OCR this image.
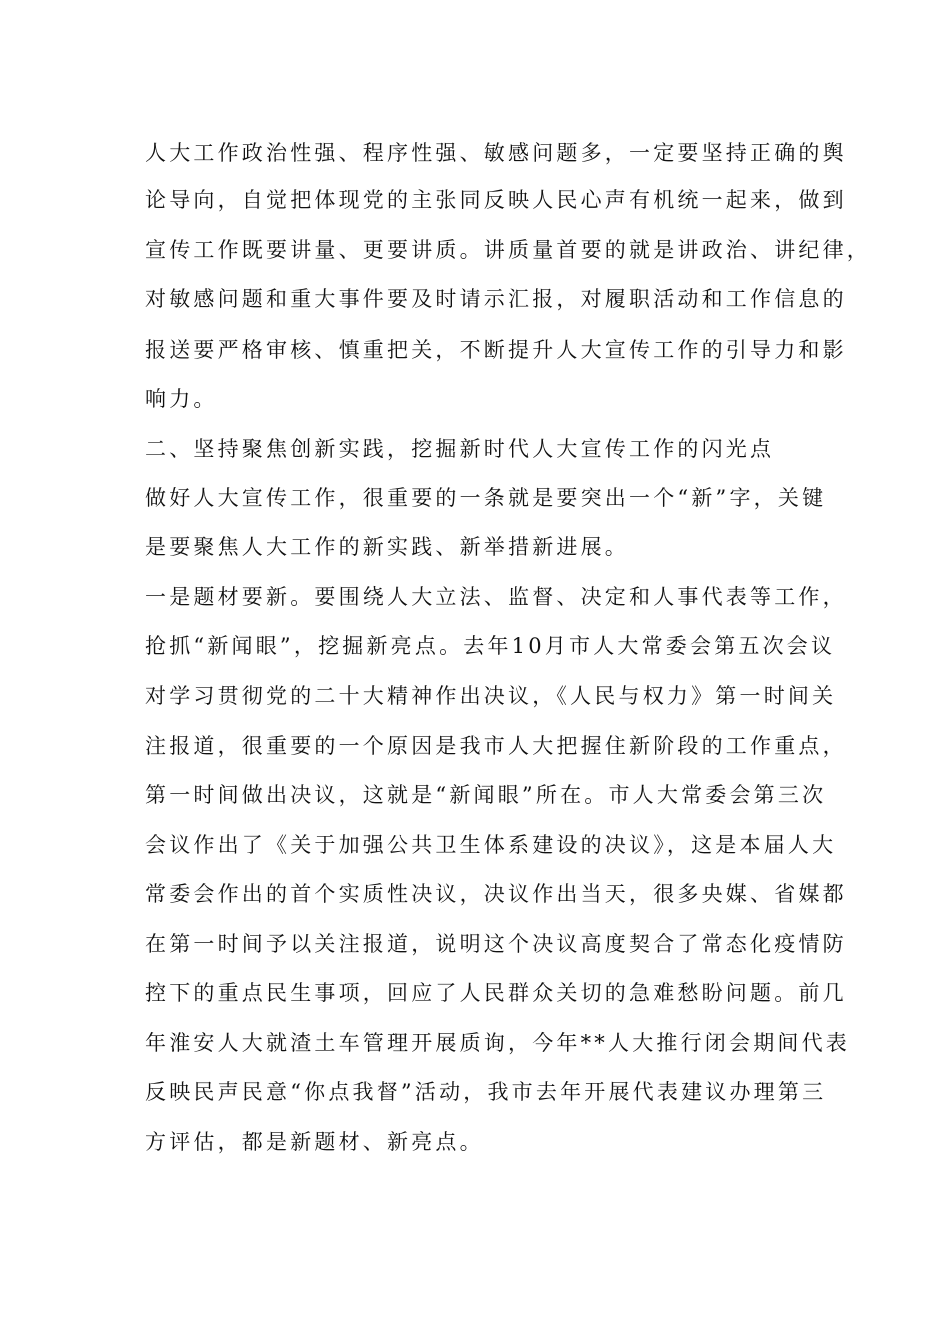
人大工作政治性强、程序性强、敏感问题多，一定要坚持正确的舆
论导向，自觉把体现党的主张同反映人民心声有机统一起来，做到
宣传工作既要讲量、更要讲质。讲质量首要的就是讲政治、讲纪律，
对敏感问题和重大事件要及时请示汇报，对履职活动和工作信息的
报送要严格审核、慎重把关，不断提升人大宣传工作的引导力和影
响力。
二、坚持聚焦创新实践，挖掘新时代人大宣传工作的闪光点
做好人大宣传工作，很重要的一条就是要突出一个“新”字，关键
是要聚焦人大工作的新实践、新举措新进展。
一是题材要新。要围绕人大立法、监督、决定和人事代表等工作，
抢抓“新闻眼”，挖掘新亮点。去年10月市人大常委会第五次会议
对学习贯彻党的二十大精神作出决议，《人民与权力》第一时间关
注报道，很重要的一个原因是我市人大把握住新阶段的工作重点，
第一时间做出决议，这就是“新闻眼”所在。市人大常委会第三次
会议作出了《关于加强公共卫生体系建设的决议》，这是本届人大
常委会作出的首个实质性决议，决议作出当天，很多央媒、省媒都
在第一时间予以关注报道，说明这个决议高度契合了常态化疫情防
控下的重点民生事项，回应了人民群众关切的急难愁盼问题。前几
年淮安人大就渣土车管理开展质询，今年**人大推行闭会期间代表
反映民声民意“你点我督”活动，我市去年开展代表建议办理第三
方评估，都是新题材、新亮点。
